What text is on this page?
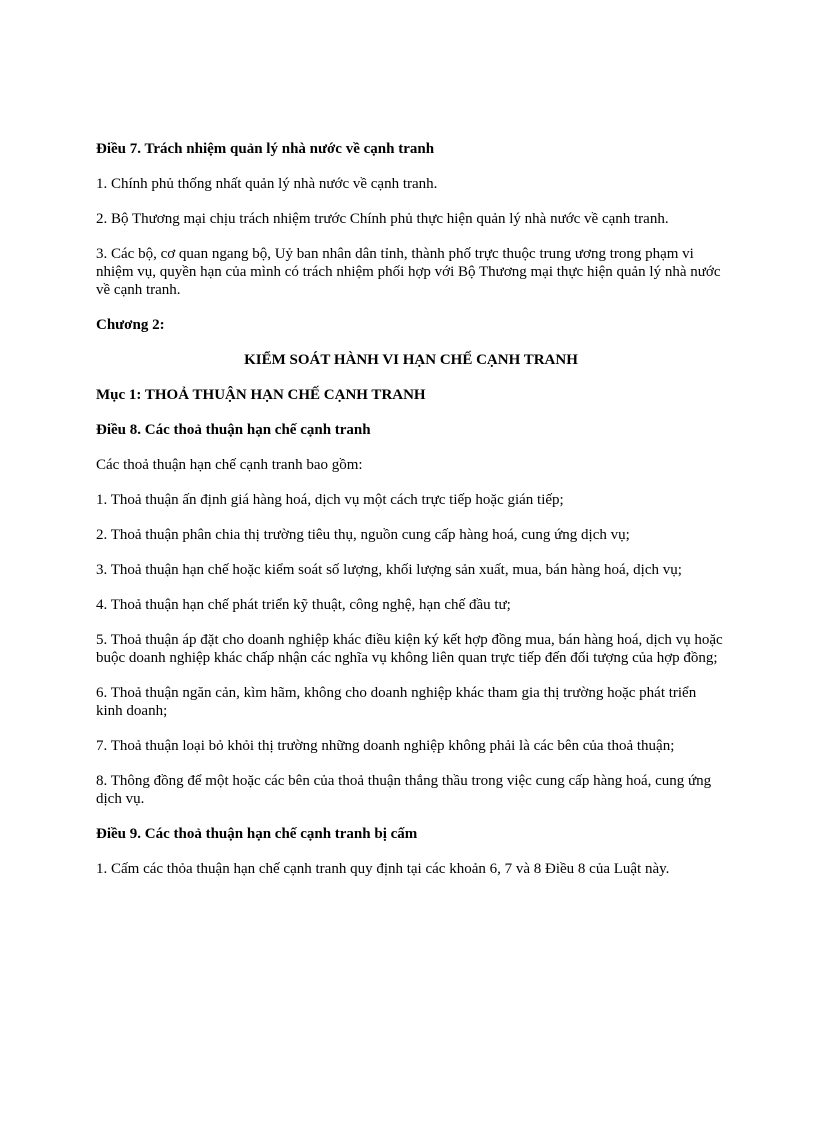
Điều 7. Trách nhiệm quản lý nhà nước về cạnh tranh

1. Chính phủ thống nhất quản lý nhà nước về cạnh tranh.

2. Bộ Thương mại chịu trách nhiệm trước Chính phủ thực hiện quản lý nhà nước về cạnh tranh.

3. Các bộ, cơ quan ngang bộ, Uỷ ban nhân dân tỉnh, thành phố trực thuộc trung ương trong phạm vi nhiệm vụ, quyền hạn của mình có trách nhiệm phối hợp với Bộ Thương mại thực hiện quản lý nhà nước về cạnh tranh.

Chương 2:

KIỂM SOÁT HÀNH VI HẠN CHẾ CẠNH TRANH

Mục 1: THOẢ THUẬN HẠN CHẾ CẠNH TRANH

Điều 8. Các thoả thuận hạn chế cạnh tranh

Các thoả thuận hạn chế cạnh tranh bao gồm:

1. Thoả thuận ấn định giá hàng hoá, dịch vụ một cách trực tiếp hoặc gián tiếp;

2. Thoả thuận phân chia thị trường tiêu thụ, nguồn cung cấp hàng hoá, cung ứng dịch vụ;

3. Thoả thuận hạn chế hoặc kiểm soát số lượng, khối lượng sản xuất, mua, bán hàng hoá, dịch vụ;

4. Thoả thuận hạn chế phát triển kỹ thuật, công nghệ, hạn chế đầu tư;

5. Thoả thuận áp đặt cho doanh nghiệp khác điều kiện ký kết hợp đồng mua, bán hàng hoá, dịch vụ hoặc buộc doanh nghiệp khác chấp nhận các nghĩa vụ không liên quan trực tiếp đến đối tượng của hợp đồng;

6. Thoả thuận ngăn cản, kìm hãm, không cho doanh nghiệp khác tham gia thị trường hoặc phát triển kinh doanh;

7. Thoả thuận loại bỏ khỏi thị trường những doanh nghiệp không phải là các bên của thoả thuận;

8. Thông đồng để một hoặc các bên của thoả thuận thắng thầu trong việc cung cấp hàng hoá, cung ứng dịch vụ.

Điều 9. Các thoả thuận hạn chế cạnh tranh bị cấm

1. Cấm các thỏa thuận hạn chế cạnh tranh quy định tại các khoản 6, 7 và 8 Điều 8 của Luật này.
